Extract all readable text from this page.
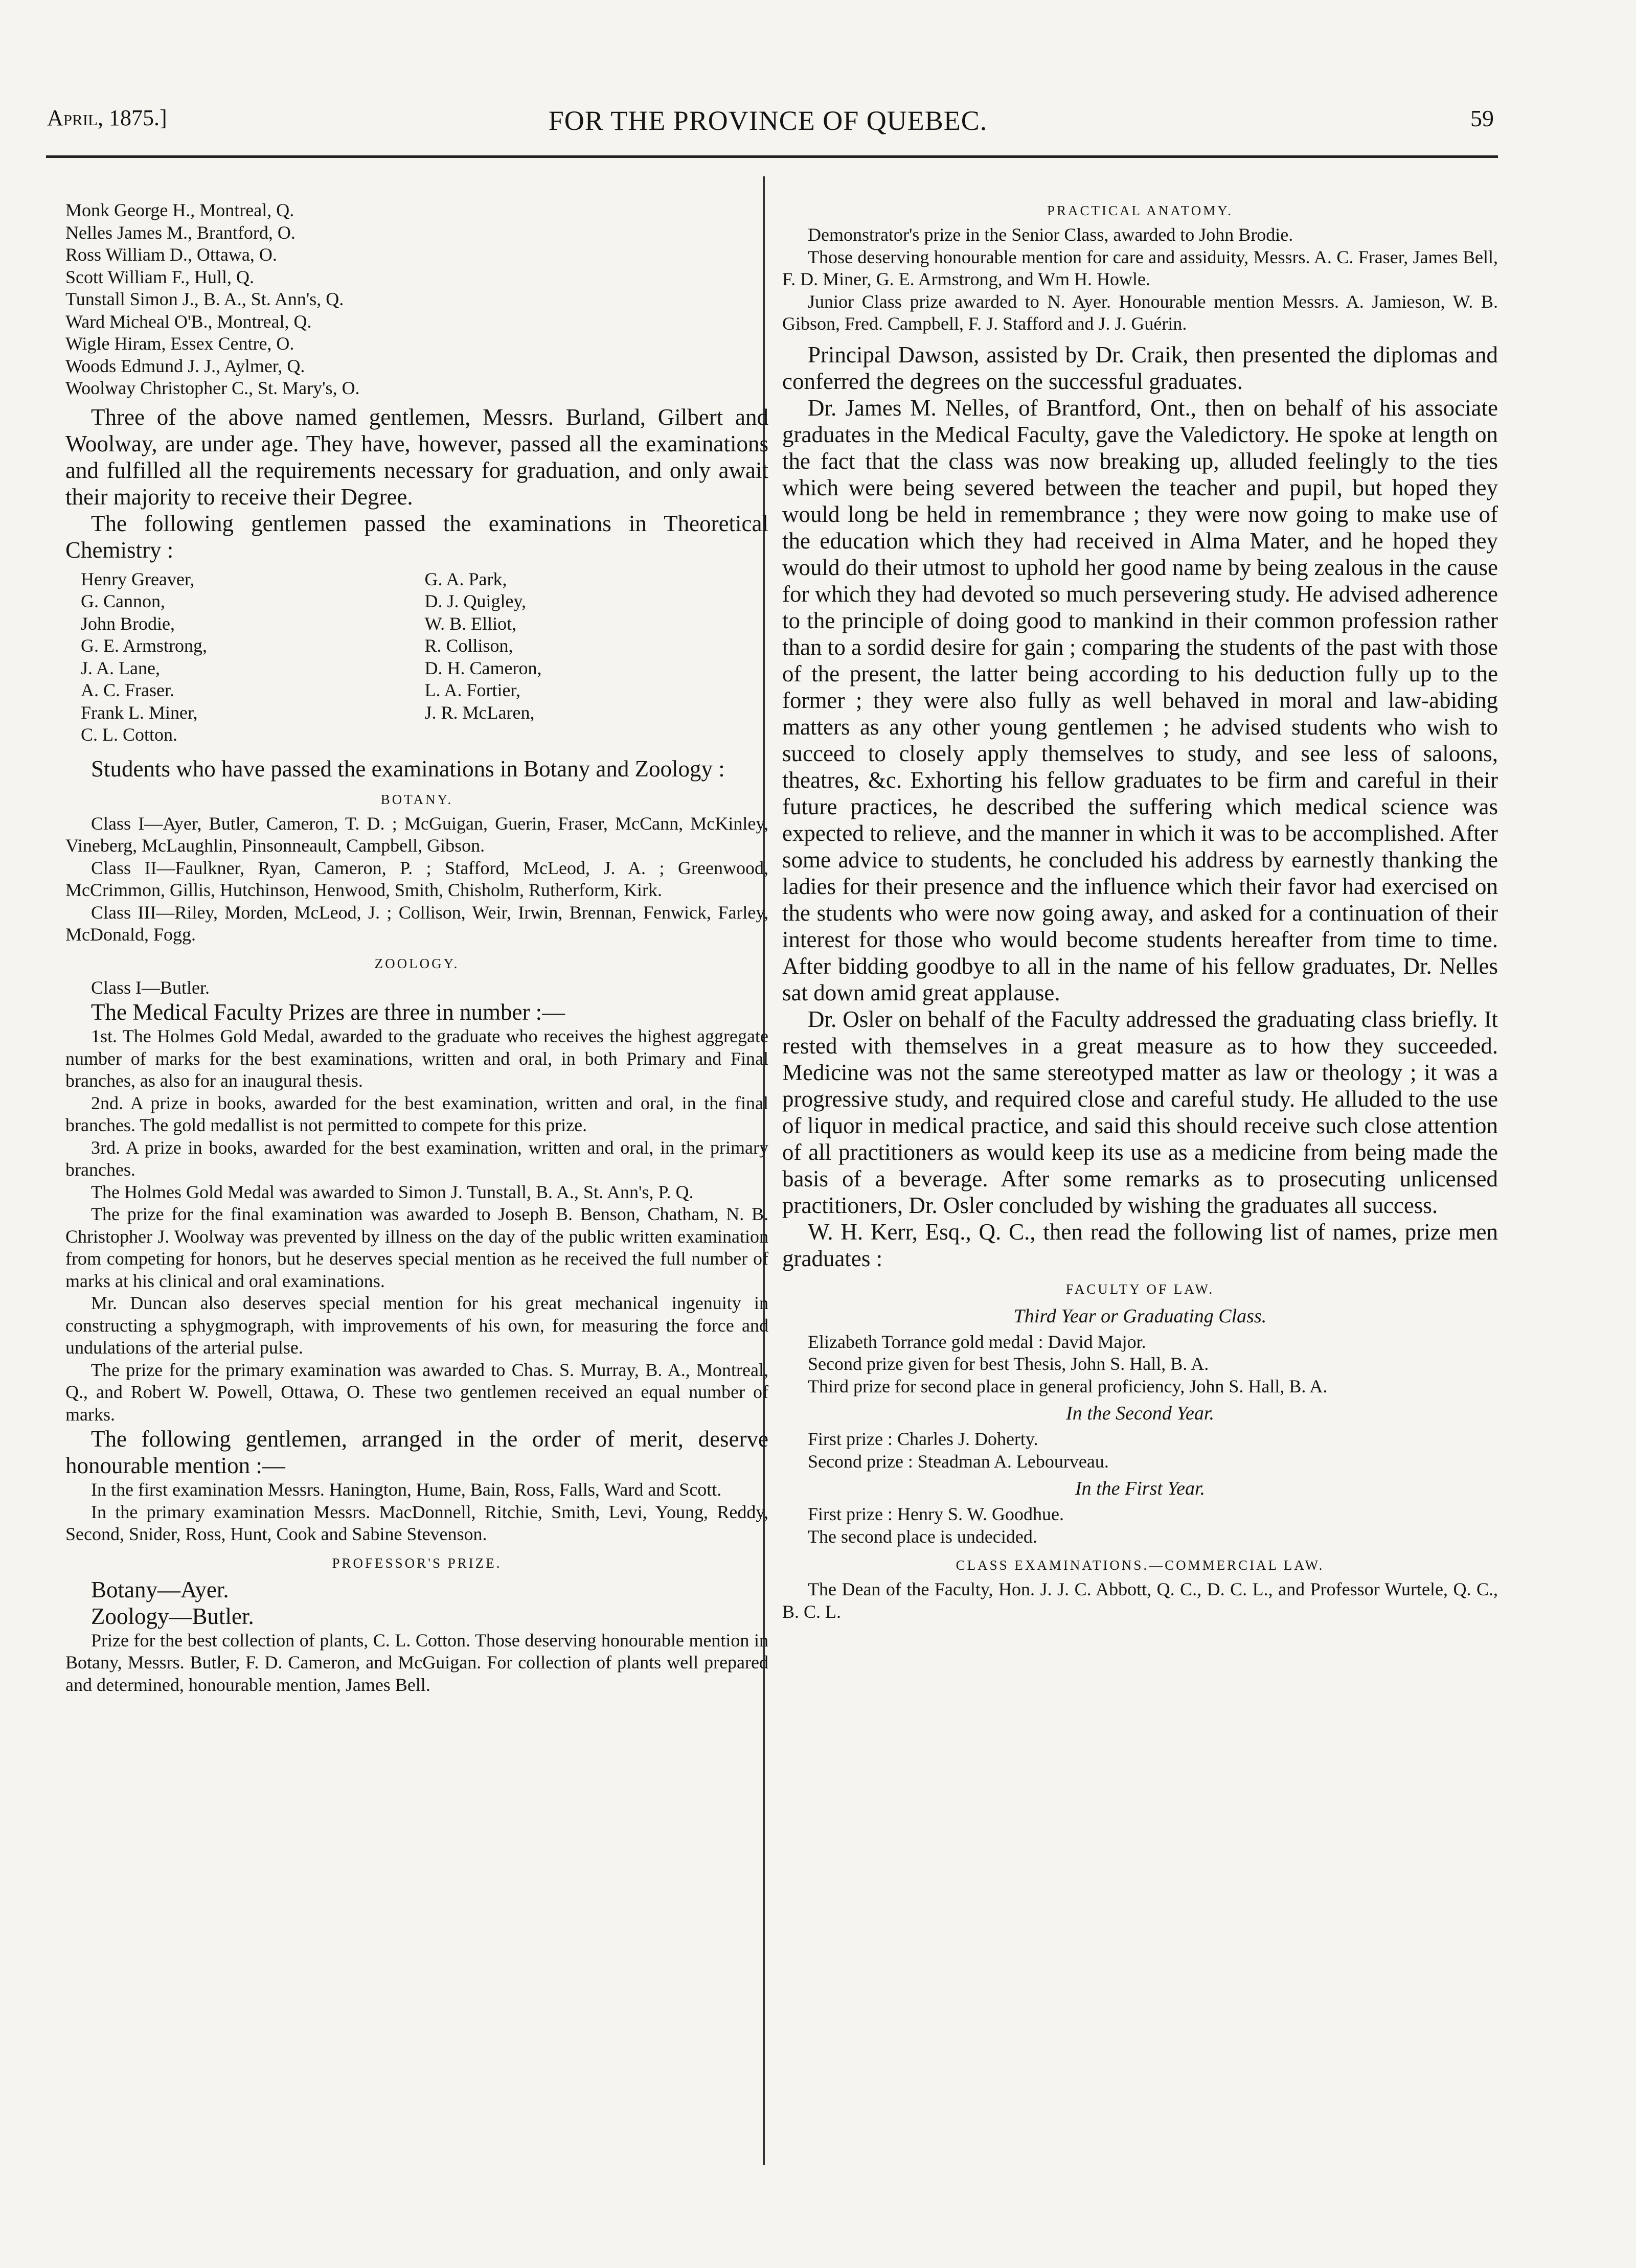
April, 1875.]	FOR THE PROVINCE OF QUEBEC.	59
Monk George H., Montreal, Q.
Nelles James M., Brantford, O.
Ross William D., Ottawa, O.
Scott William F., Hull, Q.
Tunstall Simon J., B. A., St. Ann's, Q.
Ward Micheal O'B., Montreal, Q.
Wigle Hiram, Essex Centre, O.
Woods Edmund J. J., Aylmer, Q.
Woolway Christopher C., St. Mary's, O.

Three of the above named gentlemen, Messrs. Burland, Gilbert and Woolway, are under age. They have, however, passed all the examinations and fulfilled all the requirements necessary for graduation, and only await their majority to receive their Degree.

The following gentlemen passed the examinations in Theoretical Chemistry :

Henry Greaver,
G. Cannon,
John Brodie,
G. E. Armstrong,
J. A. Lane,
A. C. Fraser.
Frank L. Miner,
C. L. Cotton.
G. A. Park,
D. J. Quigley,
W. B. Elliot,
R. Collison,
D. H. Cameron,
L. A. Fortier,
J. R. McLaren,

Students who have passed the examinations in Botany and Zoology :

BOTANY.

Class I—Ayer, Butler, Cameron, T. D. ; McGuigan, Guerin, Fraser, McCann, McKinley, Vineberg, McLaughlin, Pinsonneault, Campbell, Gibson.

Class II—Faulkner, Ryan, Cameron, P. ; Stafford, McLeod, J. A. ; Greenwood, McCrimmon, Gillis, Hutchinson, Henwood, Smith, Chisholm, Rutherform, Kirk.

Class III—Riley, Morden, McLeod, J. ; Collison, Weir, Irwin, Brennan, Fenwick, Farley, McDonald, Fogg.

ZOOLOGY.

Class I—Butler.

The Medical Faculty Prizes are three in number :—

1st. The Holmes Gold Medal, awarded to the graduate who receives the highest aggregate number of marks for the best examinations, written and oral, in both Primary and Final branches, as also for an inaugural thesis.

2nd. A prize in books, awarded for the best examination, written and oral, in the final branches. The gold medallist is not permitted to compete for this prize.

3rd. A prize in books, awarded for the best examination, written and oral, in the primary branches.

The Holmes Gold Medal was awarded to Simon J. Tunstall, B. A., St. Ann's, P. Q.

The prize for the final examination was awarded to Joseph B. Benson, Chatham, N. B. Christopher J. Woolway was prevented by illness on the day of the public written examination from competing for honors, but he deserves special mention as he received the full number of marks at his clinical and oral examinations.

Mr. Duncan also deserves special mention for his great mechanical ingenuity in constructing a sphygmograph, with improvements of his own, for measuring the force and undulations of the arterial pulse.

The prize for the primary examination was awarded to Chas. S. Murray, B. A., Montreal, Q., and Robert W. Powell, Ottawa, O. These two gentlemen received an equal number of marks.

The following gentlemen, arranged in the order of merit, deserve honourable mention :—

In the first examination Messrs. Hanington, Hume, Bain, Ross, Falls, Ward and Scott.

In the primary examination Messrs. MacDonnell, Ritchie, Smith, Levi, Young, Reddy, Second, Snider, Ross, Hunt, Cook and Sabine Stevenson.

PROFESSOR'S PRIZE.

Botany—Ayer.

Zoology—Butler.

Prize for the best collection of plants, C. L. Cotton. Those deserving honourable mention in Botany, Messrs. Butler, F. D. Cameron, and McGuigan. For collection of plants well prepared and determined, honourable mention, James Bell.

PRACTICAL ANATOMY.

Demonstrator's prize in the Senior Class, awarded to John Brodie.

Those deserving honourable mention for care and assiduity, Messrs. A. C. Fraser, James Bell, F. D. Miner, G. E. Armstrong, and Wm H. Howle.

Junior Class prize awarded to N. Ayer. Honourable mention Messrs. A. Jamieson, W. B. Gibson, Fred. Campbell, F. J. Stafford and J. J. Guérin.

Principal Dawson, assisted by Dr. Craik, then presented the diplomas and conferred the degrees on the successful graduates.

Dr. James M. Nelles, of Brantford, Ont., then on behalf of his associate graduates in the Medical Faculty, gave the Valedictory. He spoke at length on the fact that the class was now breaking up, alluded feelingly to the ties which were being severed between the teacher and pupil, but hoped they would long be held in remembrance ; they were now going to make use of the education which they had received in Alma Mater, and he hoped they would do their utmost to uphold her good name by being zealous in the cause for which they had devoted so much persevering study. He advised adherence to the principle of doing good to mankind in their common profession rather than to a sordid desire for gain ; comparing the students of the past with those of the present, the latter being according to his deduction fully up to the former ; they were also fully as well behaved in moral and law-abiding matters as any other young gentlemen ; he advised students who wish to succeed to closely apply themselves to study, and see less of saloons, theatres, &c. Exhorting his fellow graduates to be firm and careful in their future practices, he described the suffering which medical science was expected to relieve, and the manner in which it was to be accomplished. After some advice to students, he concluded his address by earnestly thanking the ladies for their presence and the influence which their favor had exercised on the students who were now going away, and asked for a continuation of their interest for those who would become students hereafter from time to time. After bidding goodbye to all in the name of his fellow graduates, Dr. Nelles sat down amid great applause.

Dr. Osler on behalf of the Faculty addressed the graduating class briefly. It rested with themselves in a great measure as to how they succeeded. Medicine was not the same stereotyped matter as law or theology ; it was a progressive study, and required close and careful study. He alluded to the use of liquor in medical practice, and said this should receive such close attention of all practitioners as would keep its use as a medicine from being made the basis of a beverage. After some remarks as to prosecuting unlicensed practitioners, Dr. Osler concluded by wishing the graduates all success.

W. H. Kerr, Esq., Q. C., then read the following list of names, prize men graduates :

FACULTY OF LAW.
Third Year or Graduating Class.

Elizabeth Torrance gold medal : David Major.

Second prize given for best Thesis, John S. Hall, B. A.

Third prize for second place in general proficiency, John S. Hall, B. A.

In the Second Year.

First prize : Charles J. Doherty.

Second prize : Steadman A. Lebourveau.

In the First Year.

First prize : Henry S. W. Goodhue.

The second place is undecided.

CLASS EXAMINATIONS.—COMMERCIAL LAW.

The Dean of the Faculty, Hon. J. J. C. Abbott, Q. C., D. C. L., and Professor Wurtele, Q. C., B. C. L.
